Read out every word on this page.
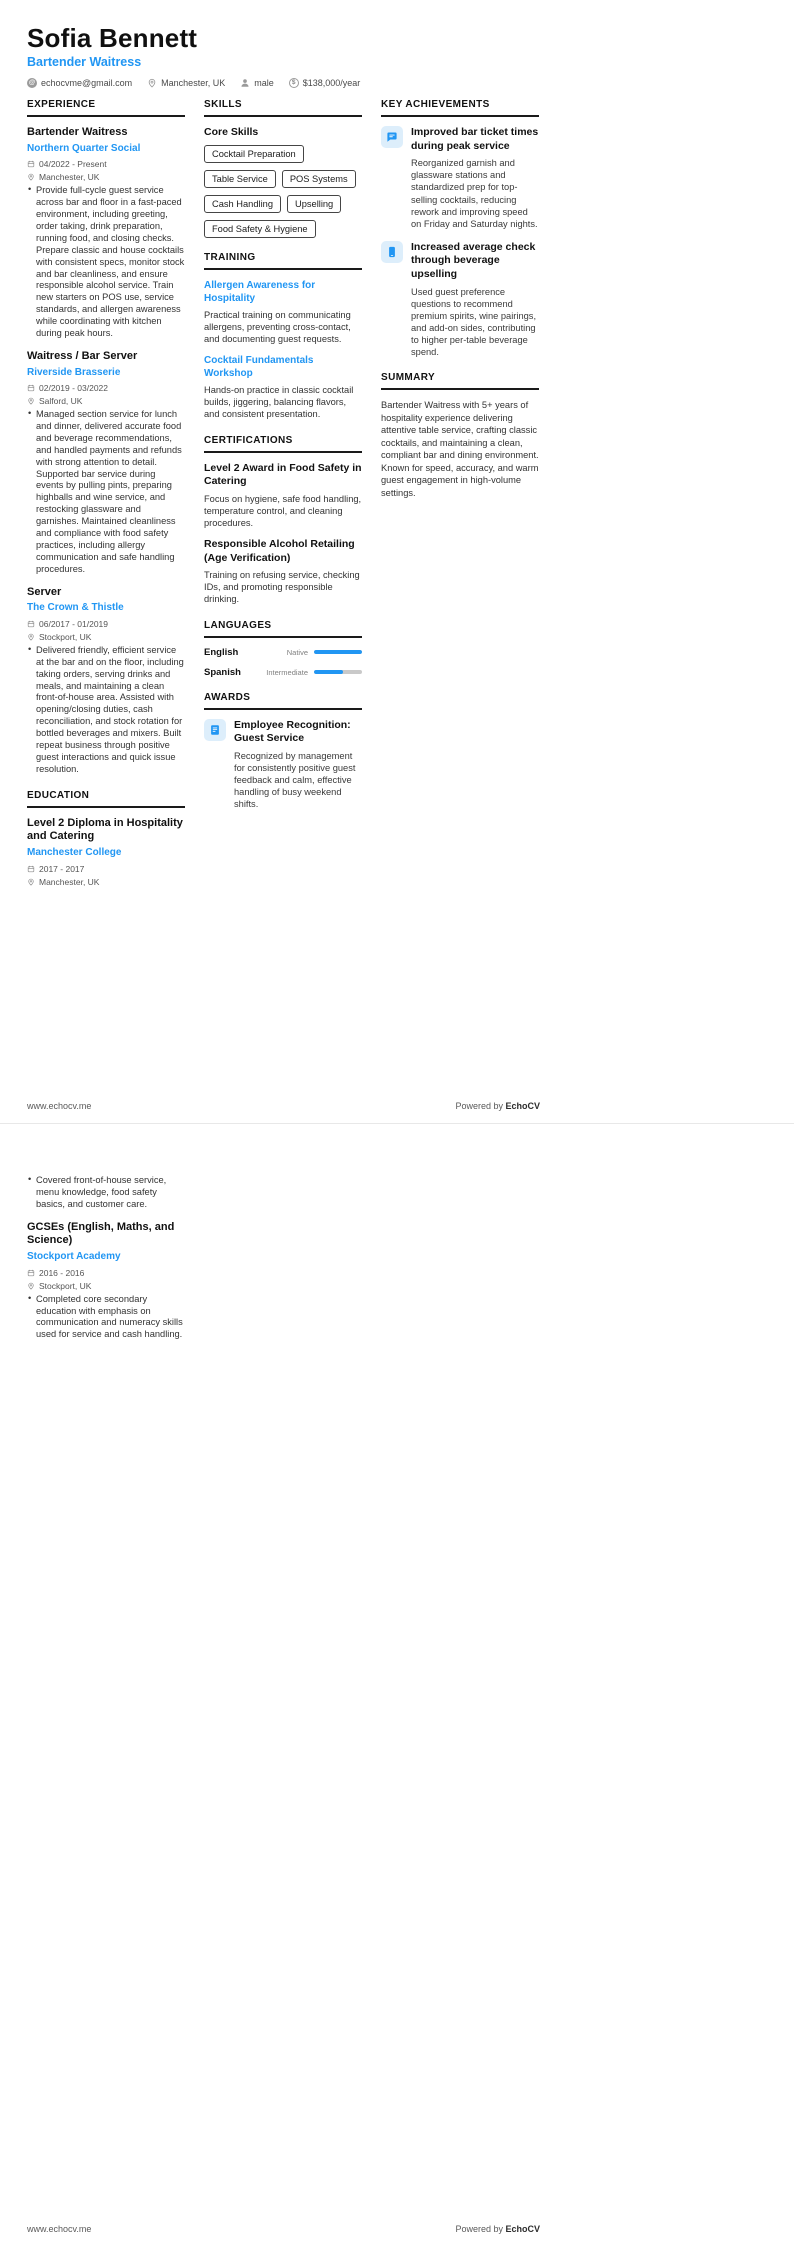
Sofia Bennett
Bartender Waitress
@ echocvme@gmail.com	Manchester, UK	male	$ $138,000/year
EXPERIENCE
Bartender Waitress
Northern Quarter Social
04/2022 - Present
Manchester, UK
• Provide full-cycle guest service across bar and floor in a fast-paced environment, including greeting, order taking, drink preparation, running food, and closing checks. Prepare classic and house cocktails with consistent specs, monitor stock and bar cleanliness, and ensure responsible alcohol service. Train new starters on POS use, service standards, and allergen awareness while coordinating with kitchen during peak hours.
Waitress / Bar Server
Riverside Brasserie
02/2019 - 03/2022
Salford, UK
• Managed section service for lunch and dinner, delivered accurate food and beverage recommendations, and handled payments and refunds with strong attention to detail. Supported bar service during events by pulling pints, preparing highballs and wine service, and restocking glassware and garnishes. Maintained cleanliness and compliance with food safety practices, including allergy communication and safe handling procedures.
Server
The Crown & Thistle
06/2017 - 01/2019
Stockport, UK
• Delivered friendly, efficient service at the bar and on the floor, including taking orders, serving drinks and meals, and maintaining a clean front-of-house area. Assisted with opening/closing duties, cash reconciliation, and stock rotation for bottled beverages and mixers. Built repeat business through positive guest interactions and quick issue resolution.
EDUCATION
Level 2 Diploma in Hospitality and Catering
Manchester College
2017 - 2017
Manchester, UK
SKILLS
Core Skills
Cocktail Preparation
Table Service	POS Systems
Cash Handling	Upselling
Food Safety & Hygiene
TRAINING
Allergen Awareness for Hospitality
Practical training on communicating allergens, preventing cross-contact, and documenting guest requests.
Cocktail Fundamentals Workshop
Hands-on practice in classic cocktail builds, jiggering, balancing flavors, and consistent presentation.
CERTIFICATIONS
Level 2 Award in Food Safety in Catering
Focus on hygiene, safe food handling, temperature control, and cleaning procedures.
Responsible Alcohol Retailing (Age Verification)
Training on refusing service, checking IDs, and promoting responsible drinking.
LANGUAGES
English	Native
Spanish	Intermediate
AWARDS
Employee Recognition: Guest Service
Recognized by management for consistently positive guest feedback and calm, effective handling of busy weekend shifts.
KEY ACHIEVEMENTS
Improved bar ticket times during peak service
Reorganized garnish and glassware stations and standardized prep for top-selling cocktails, reducing rework and improving speed on Friday and Saturday nights.
Increased average check through beverage upselling
Used guest preference questions to recommend premium spirits, wine pairings, and add-on sides, contributing to higher per-table beverage spend.
SUMMARY
Bartender Waitress with 5+ years of hospitality experience delivering attentive table service, crafting classic cocktails, and maintaining a clean, compliant bar and dining environment. Known for speed, accuracy, and warm guest engagement in high-volume settings.
www.echocv.me	Powered by EchoCV
• Covered front-of-house service, menu knowledge, food safety basics, and customer care.
GCSEs (English, Maths, and Science)
Stockport Academy
2016 - 2016
Stockport, UK
• Completed core secondary education with emphasis on communication and numeracy skills used for service and cash handling.
www.echocv.me	Powered by EchoCV
